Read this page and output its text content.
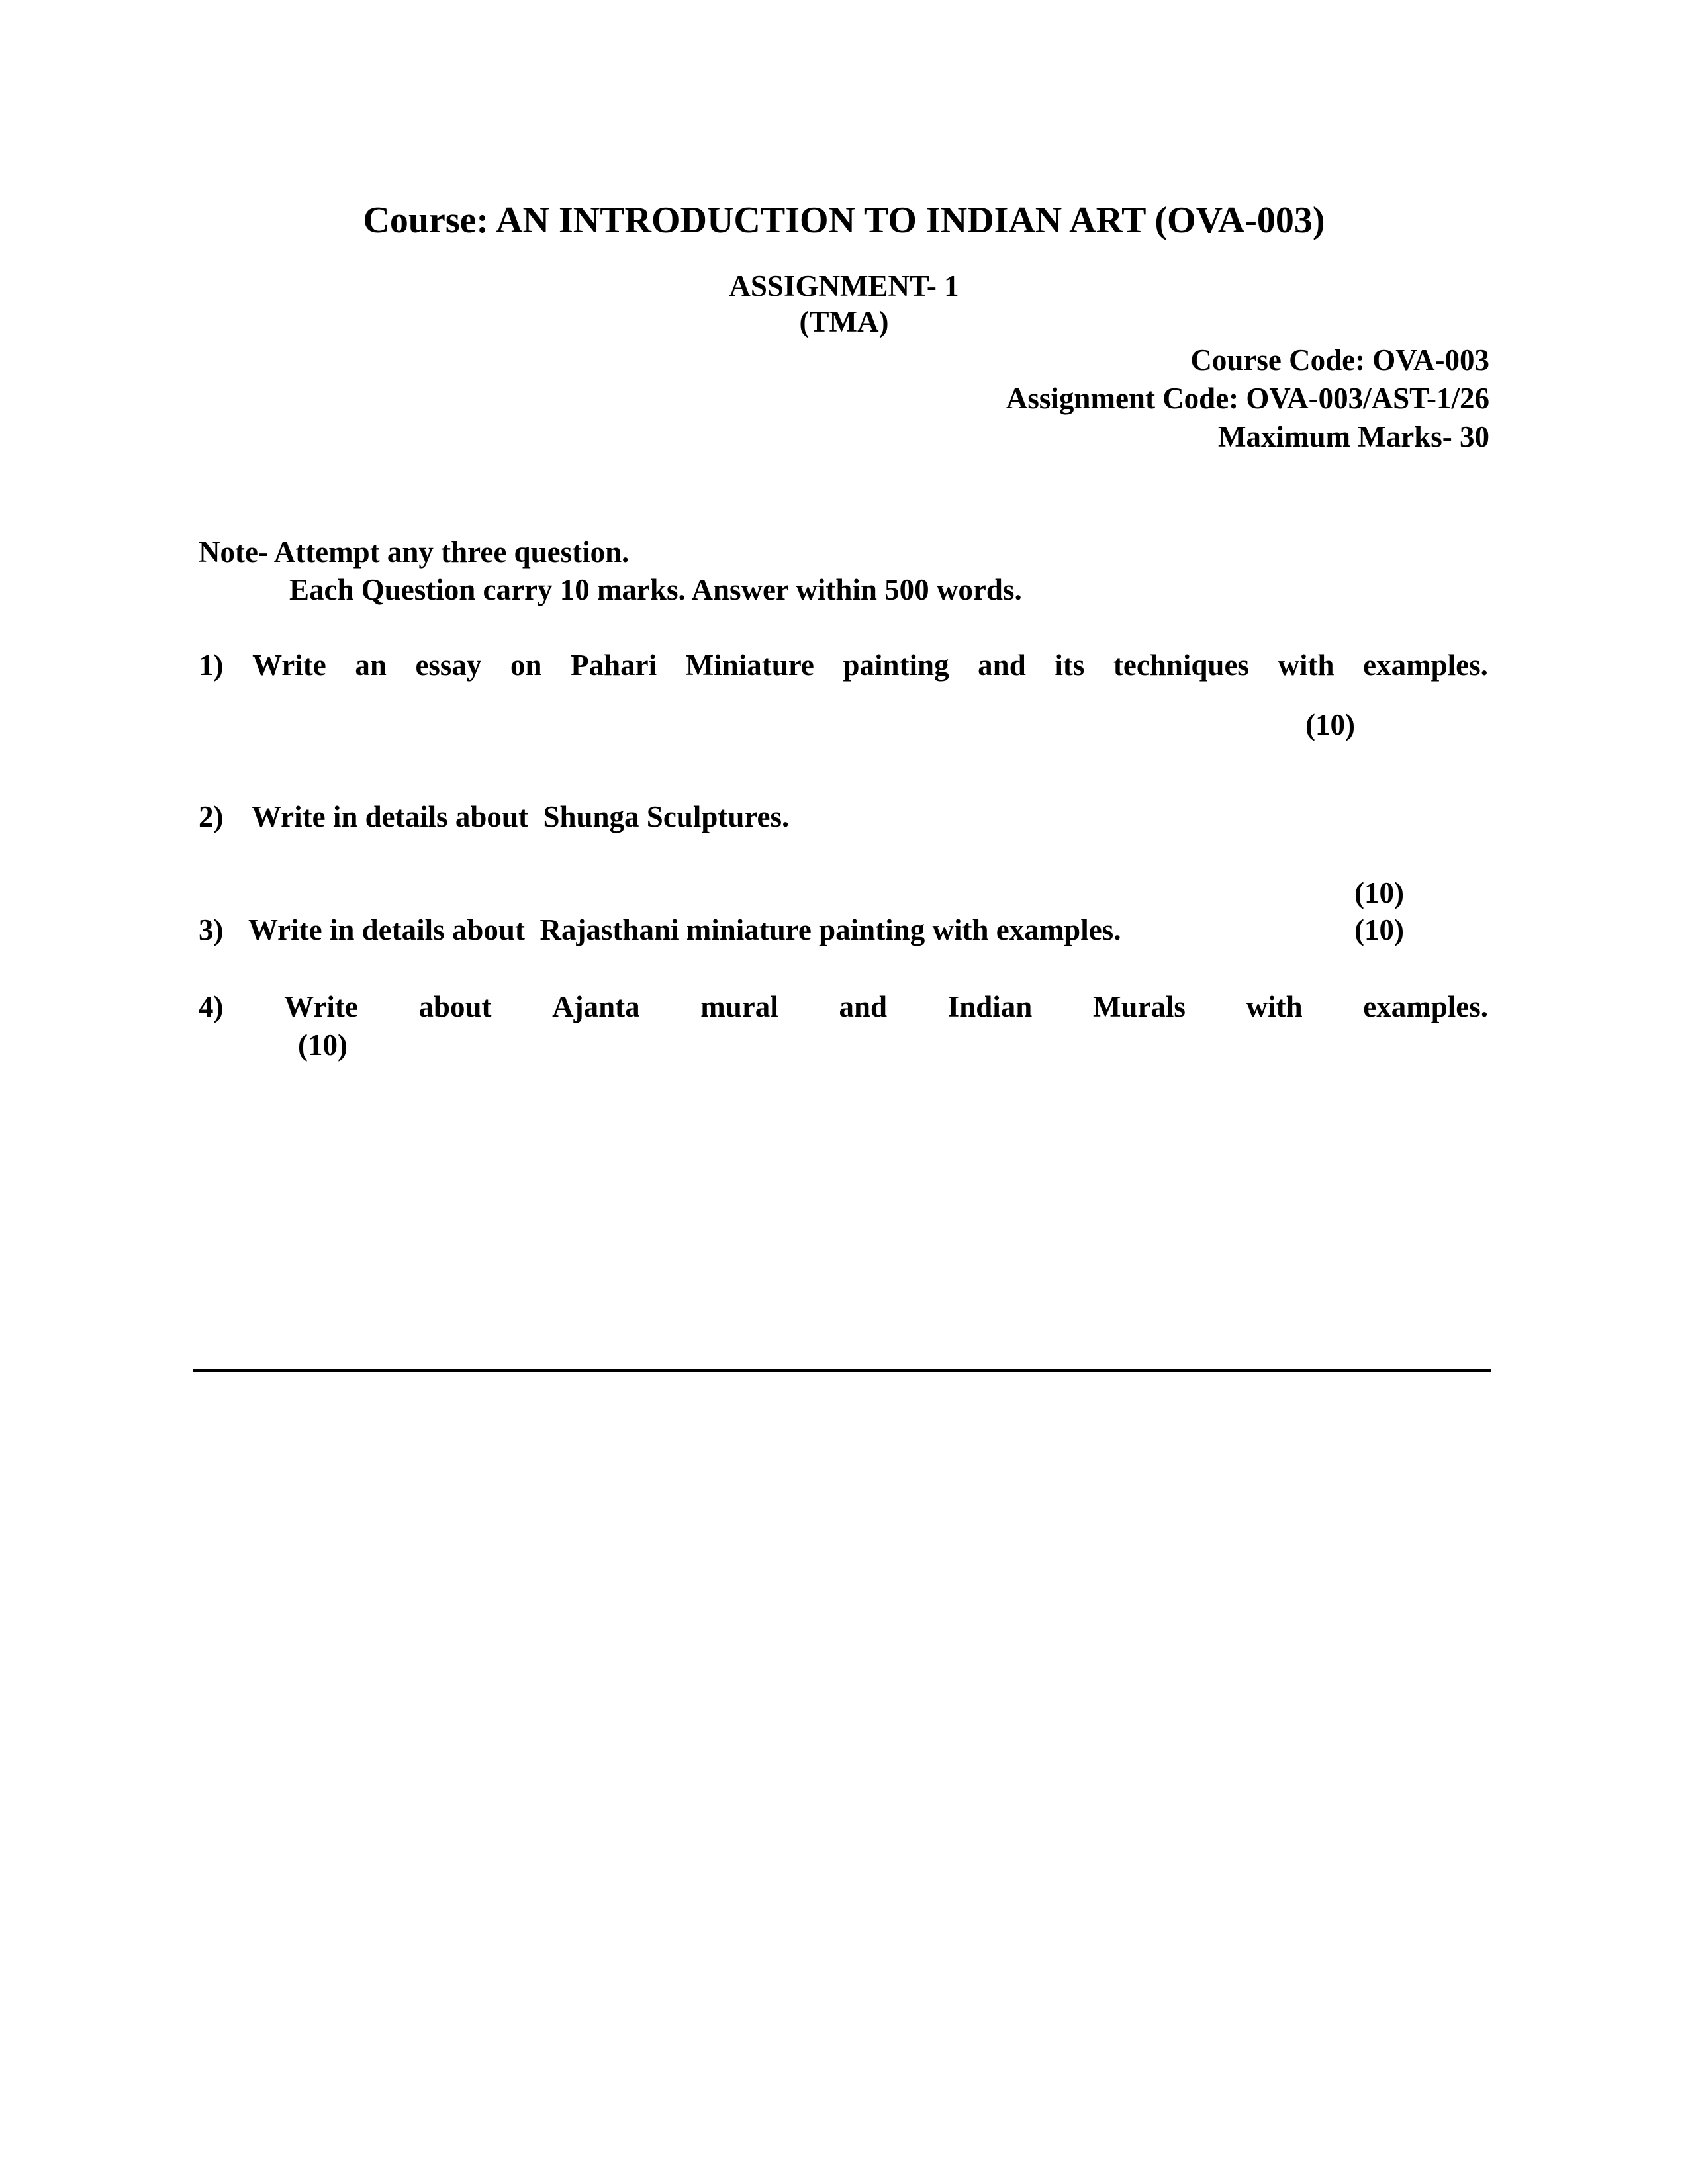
Course: AN INTRODUCTION TO INDIAN ART (OVA-003)
ASSIGNMENT- 1
(TMA)
Course Code: OVA-003
Assignment Code: OVA-003/AST-1/26
Maximum Marks- 30
Note- Attempt any three question.
Each Question carry 10 marks. Answer within 500 words.
1) Write an essay on Pahari Miniature painting and its techniques with examples.
(10)
2) Write in details about  Shunga Sculptures.
(10)
3) Write in details about  Rajasthani miniature painting with examples.	(10)
4) Write about Ajanta mural and Indian Murals with examples.
(10)
